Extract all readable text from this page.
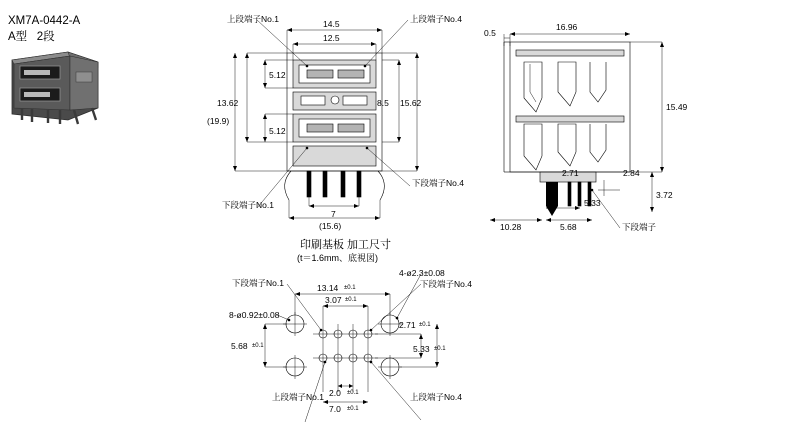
XM7A-0442-A
A型   2段
14.5
12.5
5.12
13.62
(19.9)
5.12
8.5 15.62
7
(15.6)
上段端子No.1	上段端子No.4
下段端子No.1
下段端子No.4
0.5
16.96
15.49
2.84
3.72
2.71
5.33
5.68
10.28	下段端子
印刷基板 加工尺寸
(t＝1.6mm、底視図)
13.14 ±0.1
3.07 ±0.1
5.68 ±0.1
2.71 ±0.1
5.33 ±0.1
2.0 ±0.1
7.0 ±0.1
下段端子No.1	下段端子No.4
4-ø2.3±0.08
8-ø0.92±0.08
上段端子No.1	上段端子No.4
